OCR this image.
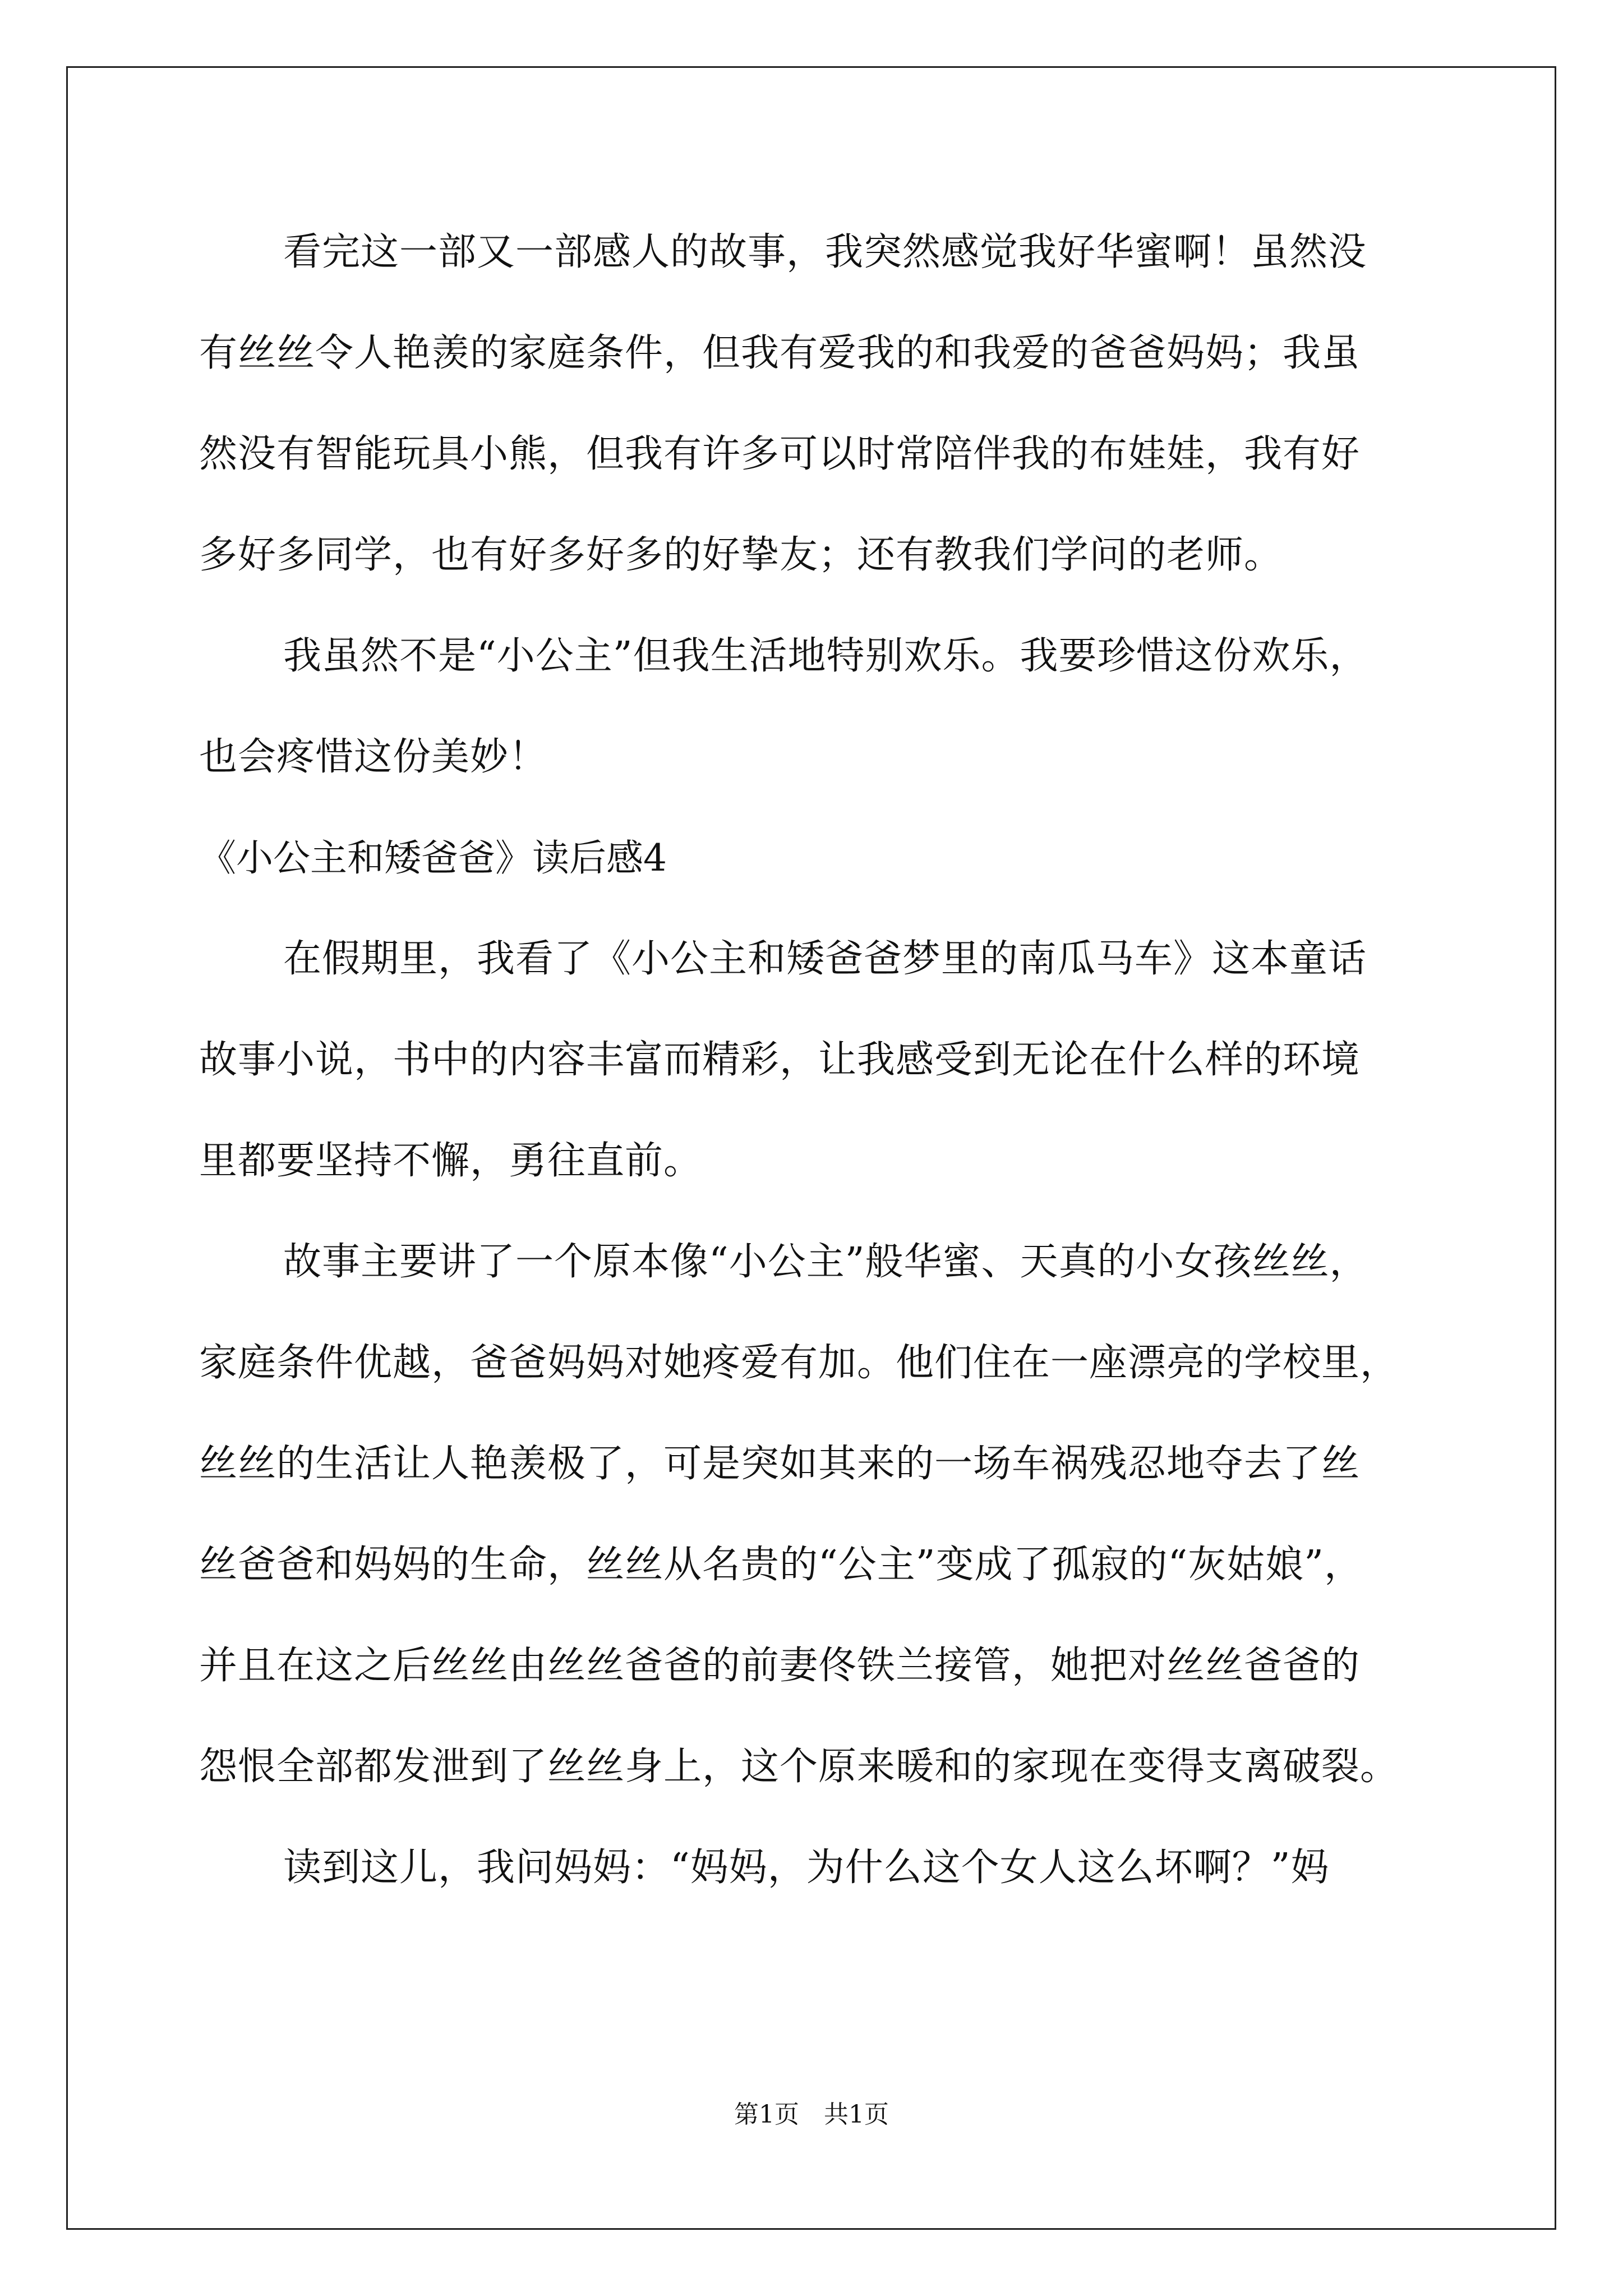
看完这一部又一部感人的故事，我突然感觉我好华蜜啊！虽然没
有丝丝令人艳羡的家庭条件，但我有爱我的和我爱的爸爸妈妈；我虽
然没有智能玩具小熊，但我有许多可以时常陪伴我的布娃娃，我有好
多好多同学，也有好多好多的好挚友；还有教我们学问的老师。
我虽然不是“小公主”但我生活地特别欢乐。我要珍惜这份欢乐，
也会疼惜这份美妙！
《小公主和矮爸爸》读后感4
在假期里，我看了《小公主和矮爸爸梦里的南瓜马车》这本童话
故事小说，书中的内容丰富而精彩，让我感受到无论在什么样的环境
里都要坚持不懈，勇往直前。
故事主要讲了一个原本像“小公主”般华蜜、天真的小女孩丝丝，
家庭条件优越，爸爸妈妈对她疼爱有加。他们住在一座漂亮的学校里，
丝丝的生活让人艳羡极了，可是突如其来的一场车祸残忍地夺去了丝
丝爸爸和妈妈的生命，丝丝从名贵的“公主”变成了孤寂的“灰姑娘”，
并且在这之后丝丝由丝丝爸爸的前妻佟铁兰接管，她把对丝丝爸爸的
怨恨全部都发泄到了丝丝身上，这个原来暖和的家现在变得支离破裂。
读到这儿，我问妈妈：“妈妈，为什么这个女人这么坏啊？”妈
第1页　共1页
